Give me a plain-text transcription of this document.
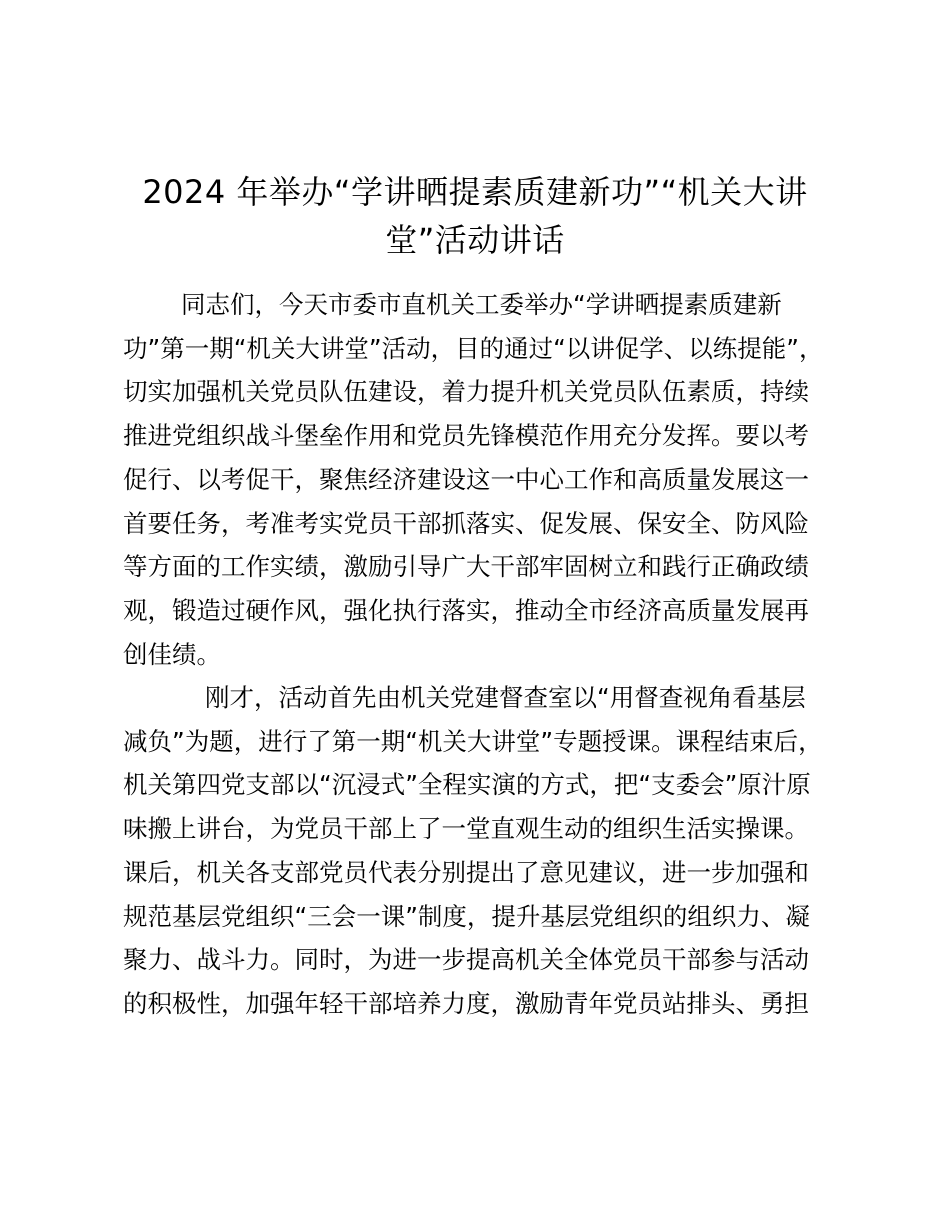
2024 年举办“学讲晒提素质建新功”“机关大讲
堂”活动讲话
同志们，今天市委市直机关工委举办“学讲晒提素质建新
功”第一期“机关大讲堂”活动，目的通过“以讲促学、以练提能”，
切实加强机关党员队伍建设，着力提升机关党员队伍素质，持续
推进党组织战斗堡垒作用和党员先锋模范作用充分发挥。要以考
促行、以考促干，聚焦经济建设这一中心工作和高质量发展这一
首要任务，考准考实党员干部抓落实、促发展、保安全、防风险
等方面的工作实绩，激励引导广大干部牢固树立和践行正确政绩
观，锻造过硬作风，强化执行落实，推动全市经济高质量发展再
创佳绩。
刚才，活动首先由机关党建督查室以“用督查视角看基层
减负”为题，进行了第一期“机关大讲堂”专题授课。课程结束后，
机关第四党支部以“沉浸式”全程实演的方式，把“支委会”原汁原
味搬上讲台，为党员干部上了一堂直观生动的组织生活实操课。
课后，机关各支部党员代表分别提出了意见建议，进一步加强和
规范基层党组织“三会一课”制度，提升基层党组织的组织力、凝
聚力、战斗力。同时，为进一步提高机关全体党员干部参与活动
的积极性，加强年轻干部培养力度，激励青年党员站排头、勇担
